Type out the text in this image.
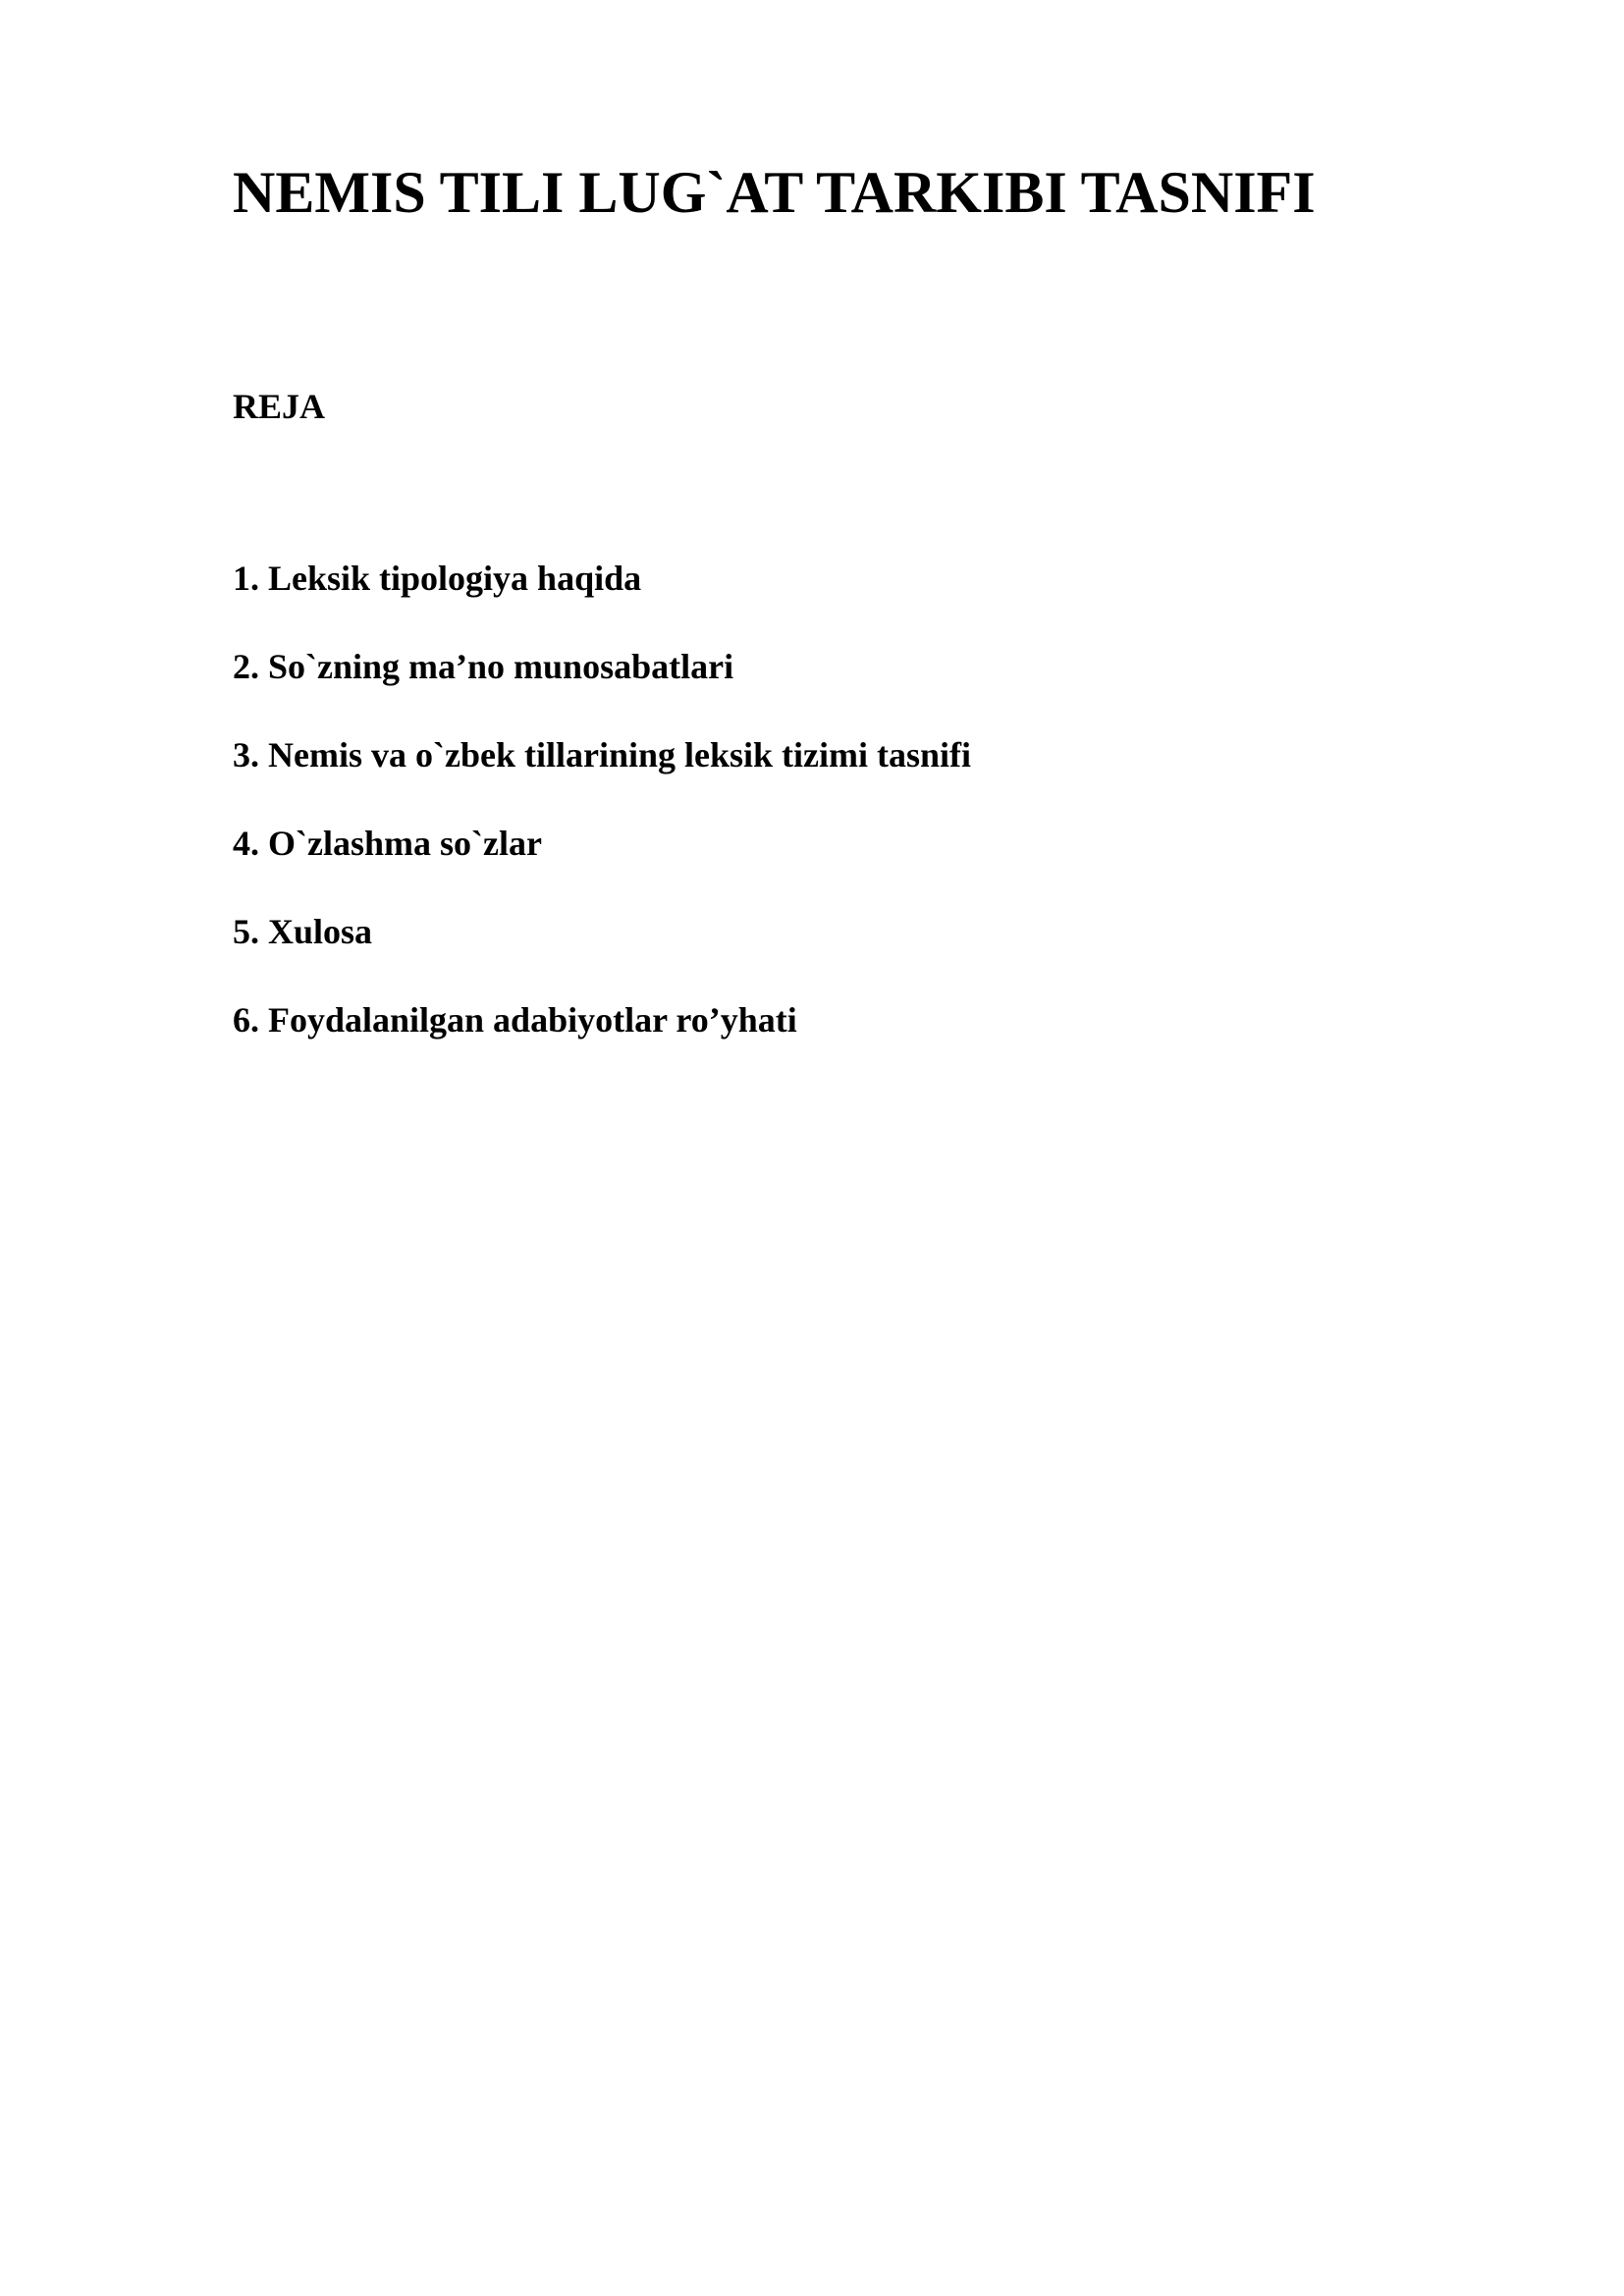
NEMIS TILI LUG`AT TARKIBI TASNIFI
REJA
1. Leksik tipologiya haqida
2. So`zning ma’no munosabatlari
3. Nemis va o`zbek tillarining leksik tizimi tasnifi
4. O`zlashma so`zlar
5. Xulosa
6. Foydalanilgan adabiyotlar ro’yhati
